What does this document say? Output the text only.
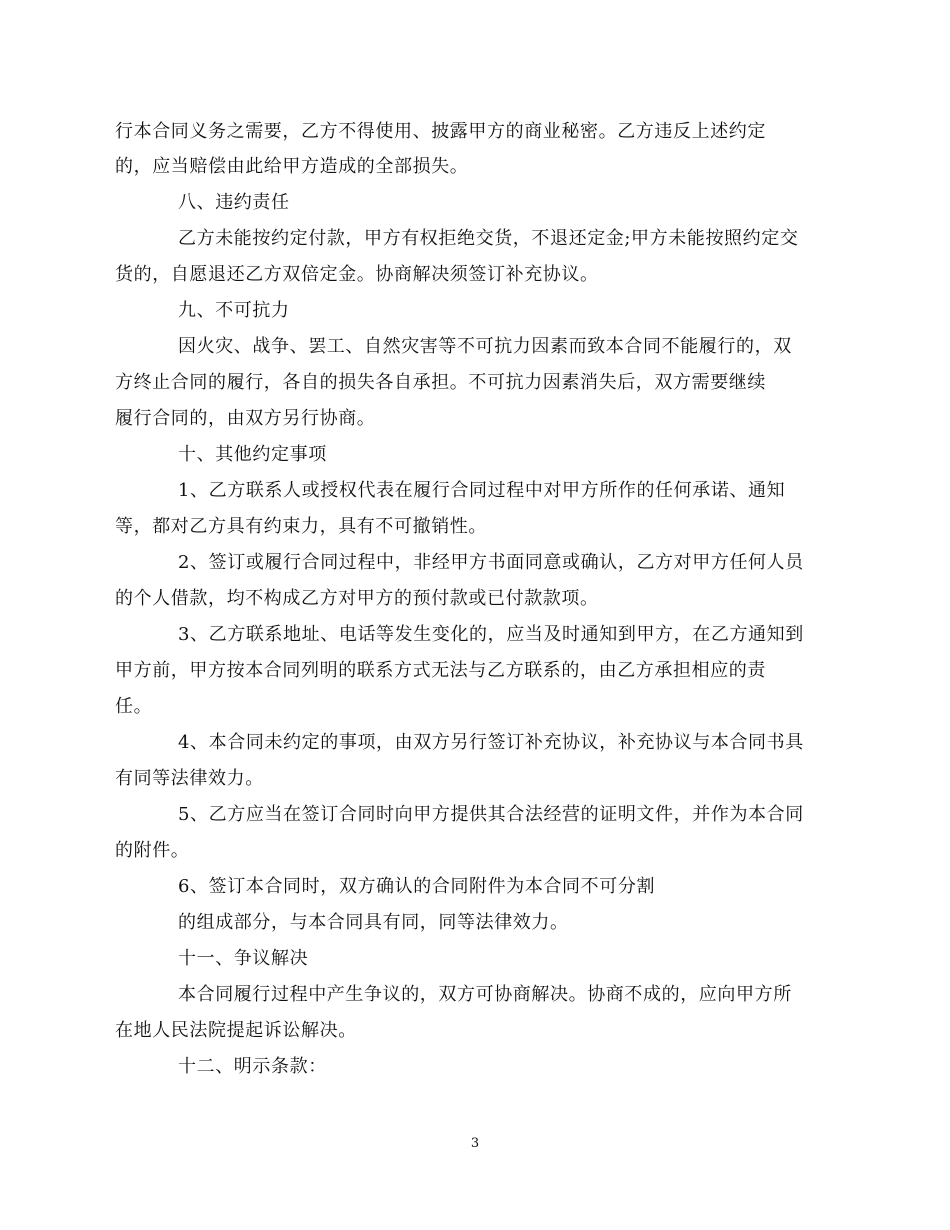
行本合同义务之需要，乙方不得使用、披露甲方的商业秘密。乙方违反上述约定
的，应当赔偿由此给甲方造成的全部损失。
八、违约责任
乙方未能按约定付款，甲方有权拒绝交货，不退还定金;甲方未能按照约定交
货的，自愿退还乙方双倍定金。协商解决须签订补充协议。
九、不可抗力
因火灾、战争、罢工、自然灾害等不可抗力因素而致本合同不能履行的，双
方终止合同的履行，各自的损失各自承担。不可抗力因素消失后，双方需要继续
履行合同的，由双方另行协商。
十、其他约定事项
1、乙方联系人或授权代表在履行合同过程中对甲方所作的任何承诺、通知
等，都对乙方具有约束力，具有不可撤销性。
2、签订或履行合同过程中，非经甲方书面同意或确认，乙方对甲方任何人员
的个人借款，均不构成乙方对甲方的预付款或已付款款项。
3、乙方联系地址、电话等发生变化的，应当及时通知到甲方，在乙方通知到
甲方前，甲方按本合同列明的联系方式无法与乙方联系的，由乙方承担相应的责
任。
4、本合同未约定的事项，由双方另行签订补充协议，补充协议与本合同书具
有同等法律效力。
5、乙方应当在签订合同时向甲方提供其合法经营的证明文件，并作为本合同
的附件。
6、签订本合同时，双方确认的合同附件为本合同不可分割
的组成部分，与本合同具有同，同等法律效力。
十一、争议解决
本合同履行过程中产生争议的，双方可协商解决。协商不成的，应向甲方所
在地人民法院提起诉讼解决。
十二、明示条款：
3
